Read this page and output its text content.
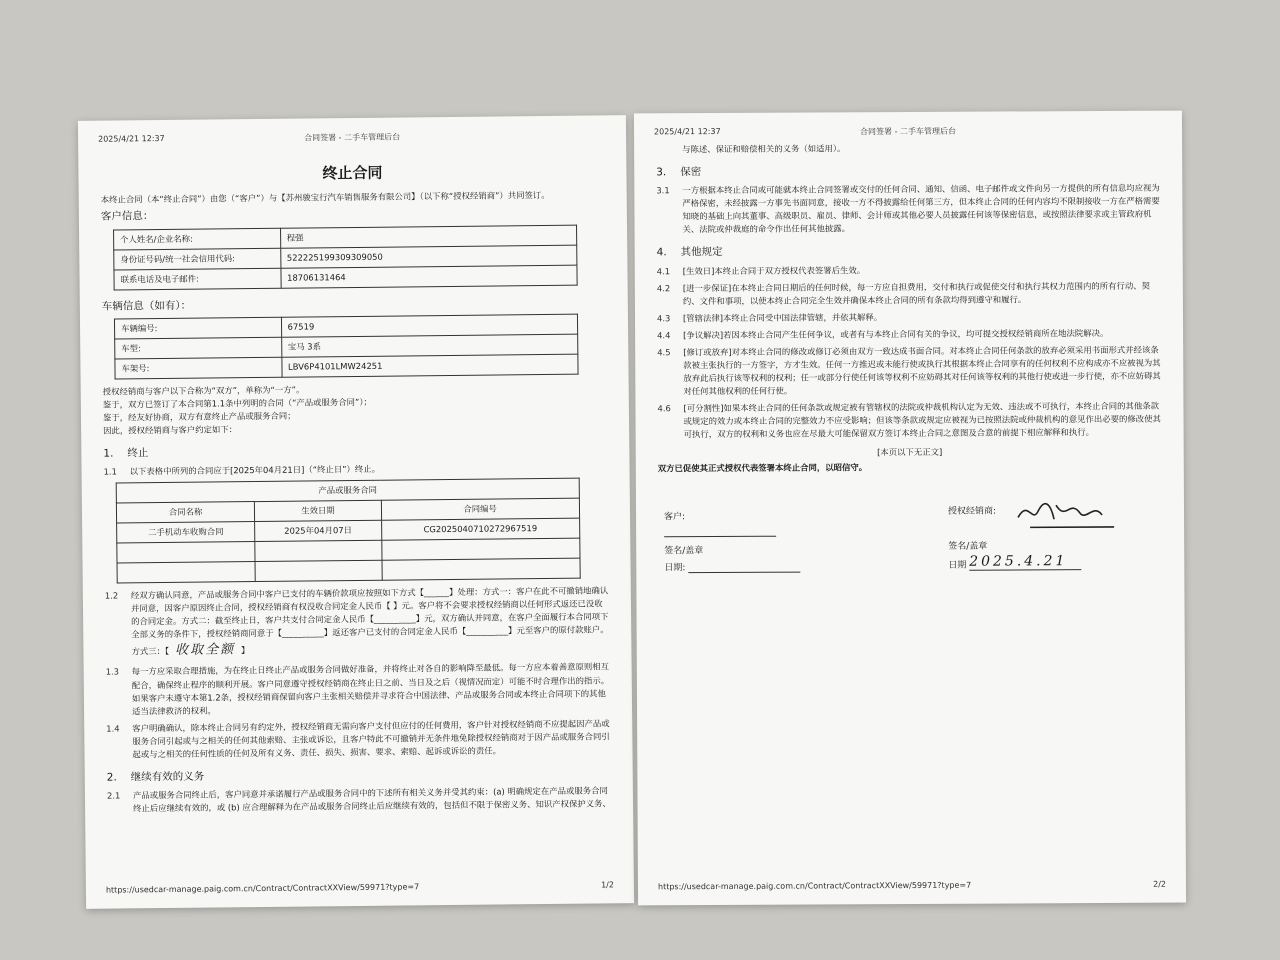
2025/4/21 12:37	合同签署 - 二手车管理后台
终止合同
本终止合同（本“终止合同”）由您（“客户”）与【苏州骏宝行汽车销售服务有限公司】（以下称“授权经销商”）共同签订。
客户信息：
个人姓名/企业名称:	程强
身份证号码/统一社会信用代码:	522225199309309050
联系电话及电子邮件:	18706131464
车辆信息（如有）：
车辆编号:	67519
车型:	宝马 3系
车架号:	LBV6P4101LMW24251
授权经销商与客户以下合称为“双方”，单称为“一方”。
鉴于，双方已签订了本合同第1.1条中列明的合同（“产品或服务合同”）；
鉴于，经友好协商，双方有意终止产品或服务合同；
因此，授权经销商与客户约定如下：
1. 终止
1.1	以下表格中所列的合同应于[2025年04月21日]（“终止日”）终止。
产品或服务合同		
合同名称	生效日期	合同编号
二手机动车收购合同	2025年04月07日	CG2025040710272967519

1.2	经双方确认同意，产品或服务合同中客户已支付的车辆价款项应按照如下方式【______】处理：方式一：客户在此不可撤销地确认并同意，因客户原因终止合同，授权经销商有权没收合同定金人民币【 】元。客户将不会要求授权经销商以任何形式返还已没收的合同定金。方式二：截至终止日，客户共支付合同定金人民币【__________】元，双方确认并同意，在客户全面履行本合同项下全部义务的条件下，授权经销商同意于【__________】返还客户已支付的合同定金人民币【__________】元至客户的原付款账户。方式三：【 收取全额 】
1.3	每一方应采取合理措施，为在终止日终止产品或服务合同做好准备，并将终止对各自的影响降至最低。每一方应本着善意原则相互配合，确保终止程序的顺利开展。客户同意遵守授权经销商在终止日之前、当日及之后（视情况而定）可能不时合理作出的指示。如果客户未遵守本第1.2条，授权经销商保留向客户主张相关赔偿并寻求符合中国法律、产品或服务合同或本终止合同项下的其他适当法律救济的权利。
1.4	客户明确确认，除本终止合同另有约定外，授权经销商无需向客户支付但应付的任何费用，客户针对授权经销商不应提起因产品或服务合同引起或与之相关的任何其他索赔、主张或诉讼，且客户特此不可撤销并无条件地免除授权经销商对于因产品或服务合同引起或与之相关的任何性质的任何及所有义务、责任、损失、损害、要求、索赔、起诉或诉讼的责任。
2. 继续有效的义务
2.1	产品或服务合同终止后，客户同意并承诺履行产品或服务合同中的下述所有相关义务并受其约束：(a) 明确规定在产品或服务合同终止后应继续有效的，或 (b) 应合理解释为在产品或服务合同终止后应继续有效的，包括但不限于保密义务、知识产权保护义务、
https://usedcar-manage.paig.com.cn/Contract/ContractXXView/59971?type=7	1/2
2025/4/21 12:37	合同签署 - 二手车管理后台
与陈述、保证和赔偿相关的义务（如适用）。
3. 保密
3.1	一方根据本终止合同或可能就本终止合同签署或交付的任何合同、通知、信函、电子邮件或文件向另一方提供的所有信息均应视为严格保密，未经披露一方事先书面同意，接收一方不得披露给任何第三方，但本终止合同的任何内容均不限制接收一方在严格需要知晓的基础上向其董事、高级职员、雇员、律师、会计师或其他必要人员披露任何该等保密信息，或按照法律要求或主管政府机关、法院或仲裁庭的命令作出任何其他披露。
4. 其他规定
4.1	[生效日]本终止合同于双方授权代表签署后生效。
4.2	[进一步保证]在本终止合同日期后的任何时候，每一方应自担费用，交付和执行或促使交付和执行其权力范围内的所有行动、契约、文件和事项，以使本终止合同完全生效并确保本终止合同的所有条款均得到遵守和履行。
4.3	[管辖法律]本终止合同受中国法律管辖，并依其解释。
4.4	[争议解决]若因本终止合同产生任何争议，或者有与本终止合同有关的争议，均可提交授权经销商所在地法院解决。
4.5	[修订或放弃]对本终止合同的修改或修订必须由双方一致达成书面合同。对本终止合同任何条款的放弃必须采用书面形式并经该条款被主张执行的一方签字，方才生效。任何一方推迟或未能行使或执行其根据本终止合同享有的任何权利不应构成亦不应被视为其放弃此后执行该等权利的权利；任一或部分行使任何该等权利不应妨碍其对任何该等权利的其他行使或进一步行使，亦不应妨碍其对任何其他权利的任何行使。
4.6	[可分割性]如果本终止合同的任何条款或规定被有管辖权的法院或仲裁机构认定为无效、违法或不可执行，本终止合同的其他条款或规定的效力或本终止合同的完整效力不应受影响；但该等条款或规定应被视为已按照法院或仲裁机构的意见作出必要的修改使其可执行，双方的权利和义务也应在尽最大可能保留双方签订本终止合同之意图及合意的前提下相应解释和执行。
[本页以下无正文]
双方已促使其正式授权代表签署本终止合同，以昭信守。
客户:
签名/盖章
日期:
授权经销商:
签名/盖章
日期 2025.4.21
https://usedcar-manage.paig.com.cn/Contract/ContractXXView/59971?type=7	2/2
